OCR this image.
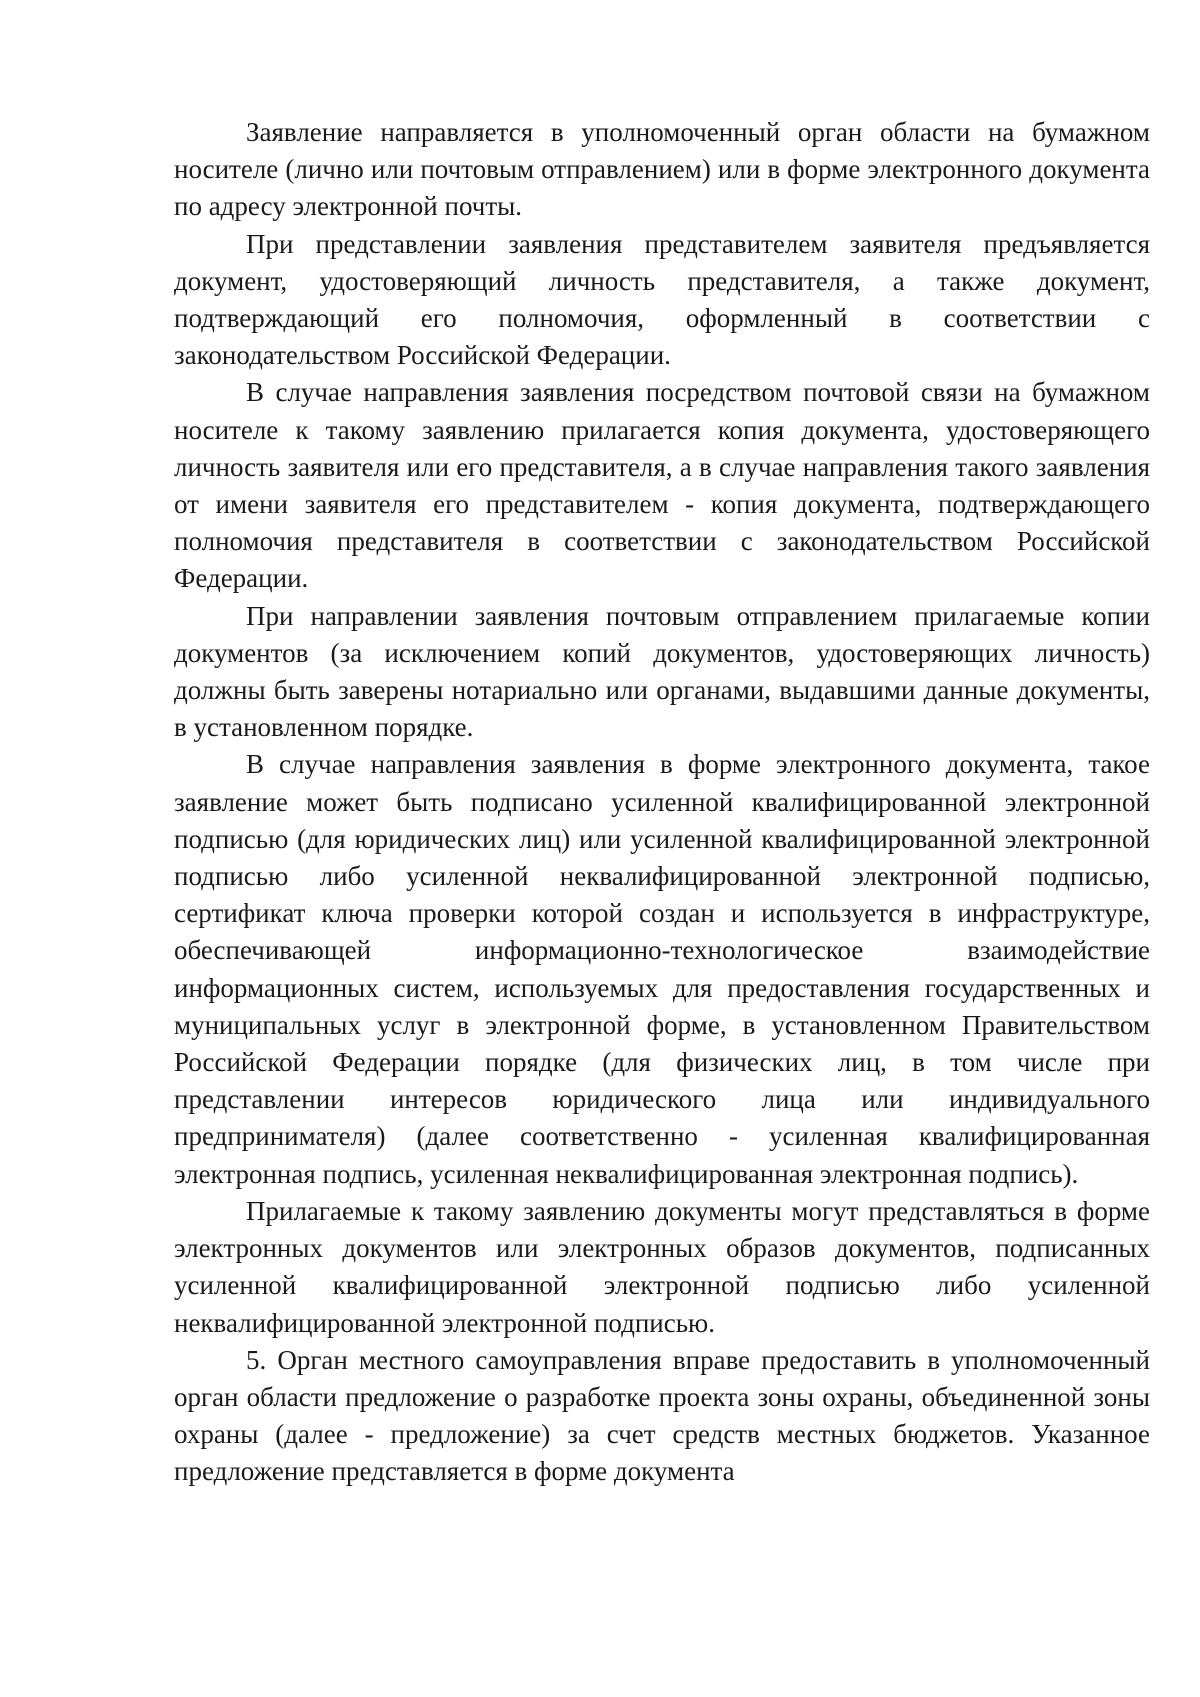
Заявление направляется в уполномоченный орган области на бумажном носителе (лично или почтовым отправлением) или в форме электронного документа по адресу электронной почты.

При представлении заявления представителем заявителя предъявляется документ, удостоверяющий личность представителя, а также документ, подтверждающий его полномочия, оформленный в соответствии с законодательством Российской Федерации.

В случае направления заявления посредством почтовой связи на бумажном носителе к такому заявлению прилагается копия документа, удостоверяющего личность заявителя или его представителя, а в случае направления такого заявления от имени заявителя его представителем - копия документа, подтверждающего полномочия представителя в соответствии с законодательством Российской Федерации.

При направлении заявления почтовым отправлением прилагаемые копии документов (за исключением копий документов, удостоверяющих личность) должны быть заверены нотариально или органами, выдавшими данные документы, в установленном порядке.

В случае направления заявления в форме электронного документа, такое заявление может быть подписано усиленной квалифицированной электронной подписью (для юридических лиц) или усиленной квалифицированной электронной подписью либо усиленной неквалифицированной электронной подписью, сертификат ключа проверки которой создан и используется в инфраструктуре, обеспечивающей информационно-технологическое взаимодействие информационных систем, используемых для предоставления государственных и муниципальных услуг в электронной форме, в установленном Правительством Российской Федерации порядке (для физических лиц, в том числе при представлении интересов юридического лица или индивидуального предпринимателя) (далее соответственно - усиленная квалифицированная электронная подпись, усиленная неквалифицированная электронная подпись).

Прилагаемые к такому заявлению документы могут представляться в форме электронных документов или электронных образов документов, подписанных усиленной квалифицированной электронной подписью либо усиленной неквалифицированной электронной подписью.

5. Орган местного самоуправления вправе предоставить в уполномоченный орган области предложение о разработке проекта зоны охраны, объединенной зоны охраны (далее - предложение) за счет средств местных бюджетов. Указанное предложение представляется в форме документа
